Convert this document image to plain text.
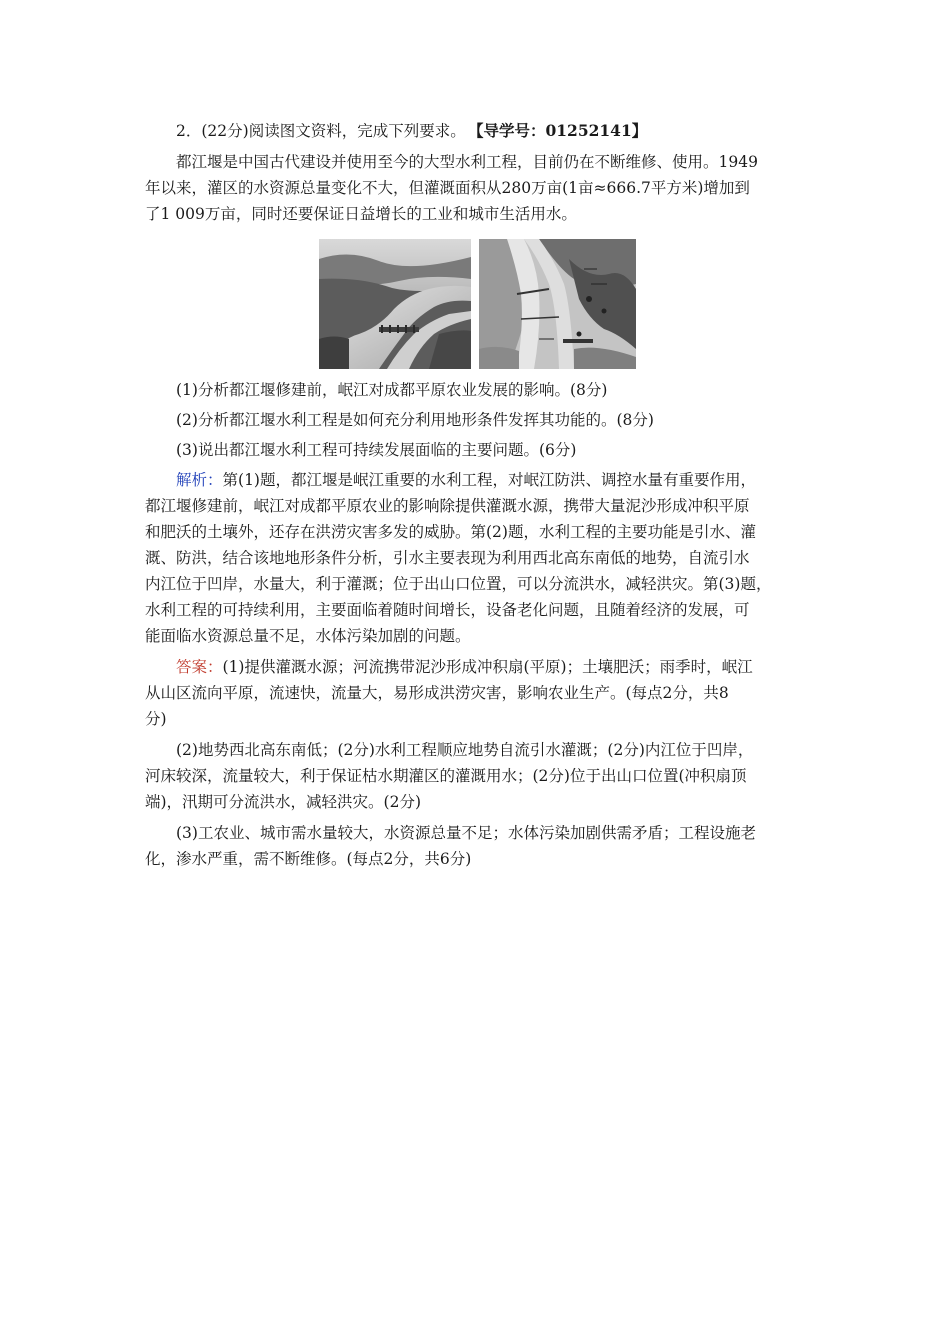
2．(22分)阅读图文资料，完成下列要求。 【导学号：01252141】

都江堰是中国古代建设并使用至今的大型水利工程，目前仍在不断维修、使用。1949

年以来，灌区的水资源总量变化不大，但灌溉面积从280万亩(1亩≈666.7平方米)增加到

了1 009万亩，同时还要保证日益增长的工业和城市生活用水。

(1)分析都江堰修建前，岷江对成都平原农业发展的影响。(8分)

(2)分析都江堰水利工程是如何充分利用地形条件发挥其功能的。(8分)

(3)说出都江堰水利工程可持续发展面临的主要问题。(6分)

解析：第(1)题，都江堰是岷江重要的水利工程，对岷江防洪、调控水量有重要作用，

都江堰修建前，岷江对成都平原农业的影响除提供灌溉水源，携带大量泥沙形成冲积平原

和肥沃的土壤外，还存在洪涝灾害多发的威胁。第(2)题，水利工程的主要功能是引水、灌

溉、防洪，结合该地地形条件分析，引水主要表现为利用西北高东南低的地势，自流引水

内江位于凹岸，水量大，利于灌溉；位于出山口位置，可以分流洪水，减轻洪灾。第(3)题，

水利工程的可持续利用，主要面临着随时间增长，设备老化问题，且随着经济的发展，可

能面临水资源总量不足，水体污染加剧的问题。

答案：(1)提供灌溉水源；河流携带泥沙形成冲积扇(平原)；土壤肥沃；雨季时，岷江

从山区流向平原，流速快，流量大，易形成洪涝灾害，影响农业生产。(每点2分，共8

分)

(2)地势西北高东南低；(2分)水利工程顺应地势自流引水灌溉；(2分)内江位于凹岸，

河床较深，流量较大，利于保证枯水期灌区的灌溉用水；(2分)位于出山口位置(冲积扇顶

端)，汛期可分流洪水，减轻洪灾。(2分)

(3)工农业、城市需水量较大，水资源总量不足；水体污染加剧供需矛盾；工程设施老

化，渗水严重，需不断维修。(每点2分，共6分)
